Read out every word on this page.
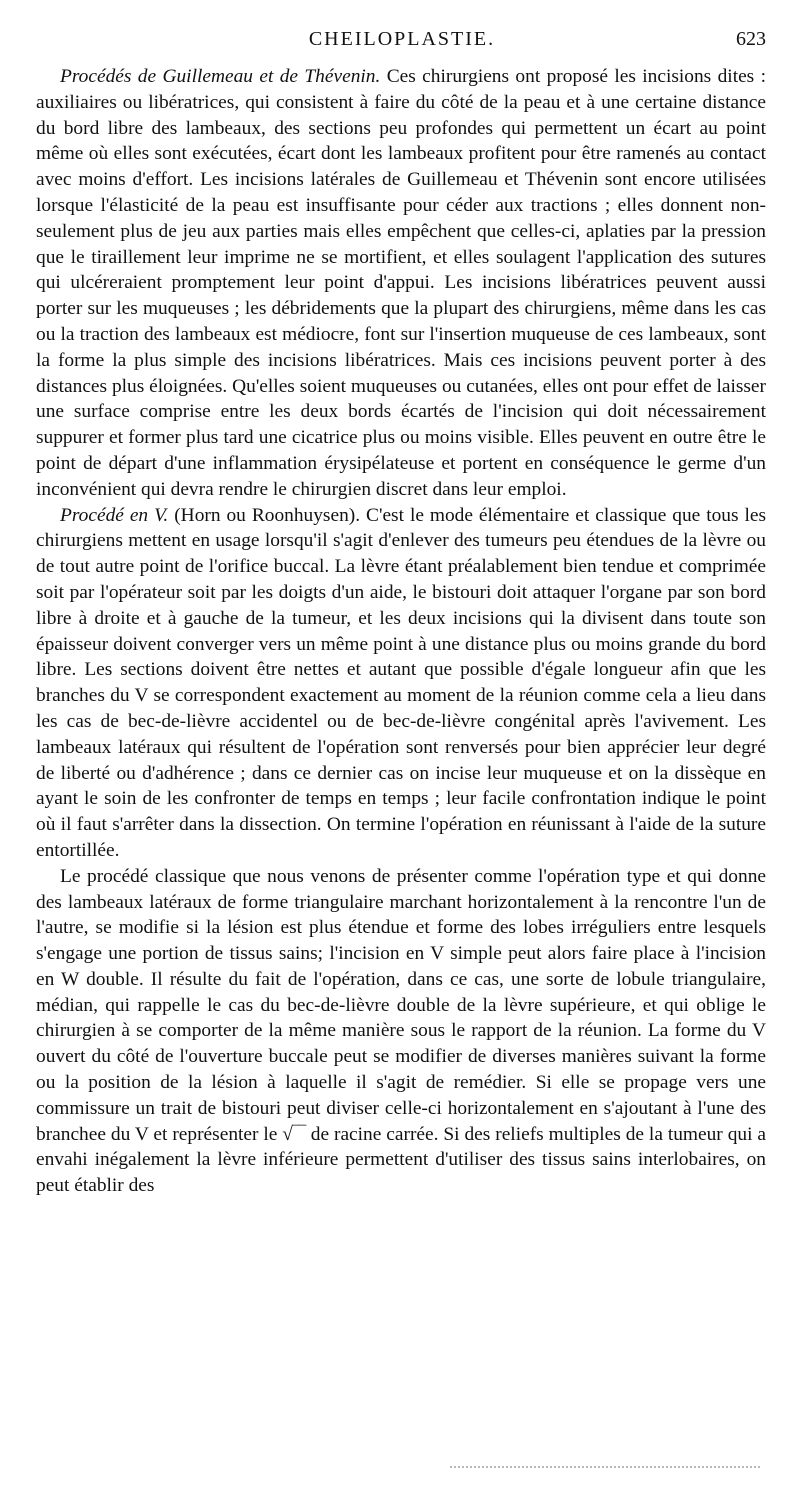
CHEILOPLASTIE.	623

Procédés de Guillemeau et de Thévenin. Ces chirurgiens ont proposé les incisions dites : auxiliaires ou libératrices, qui consistent à faire du côté de la peau et à une certaine distance du bord libre des lambeaux, des sections peu profondes qui permettent un écart au point même où elles sont exécutées, écart dont les lambeaux profitent pour être ramenés au contact avec moins d'effort. Les incisions latérales de Guillemeau et Thévenin sont encore utilisées lorsque l'élasticité de la peau est insuffisante pour céder aux tractions ; elles donnent non-seulement plus de jeu aux parties mais elles empêchent que celles-ci, aplaties par la pression que le tiraillement leur imprime ne se mortifient, et elles soulagent l'application des sutures qui ulcéreraient promptement leur point d'appui. Les incisions libératrices peuvent aussi porter sur les muqueuses ; les débridements que la plupart des chirurgiens, même dans les cas ou la traction des lambeaux est médiocre, font sur l'insertion muqueuse de ces lambeaux, sont la forme la plus simple des incisions libératrices. Mais ces incisions peuvent porter à des distances plus éloignées. Qu'elles soient muqueuses ou cutanées, elles ont pour effet de laisser une surface comprise entre les deux bords écartés de l'incision qui doit nécessairement suppurer et former plus tard une cicatrice plus ou moins visible. Elles peuvent en outre être le point de départ d'une inflammation érysipélateuse et portent en conséquence le germe d'un inconvénient qui devra rendre le chirurgien discret dans leur emploi.

Procédé en V. (Horn ou Roonhuysen). C'est le mode élémentaire et classique que tous les chirurgiens mettent en usage lorsqu'il s'agit d'enlever des tumeurs peu étendues de la lèvre ou de tout autre point de l'orifice buccal. La lèvre étant préalablement bien tendue et comprimée soit par l'opérateur soit par les doigts d'un aide, le bistouri doit attaquer l'organe par son bord libre à droite et à gauche de la tumeur, et les deux incisions qui la divisent dans toute son épaisseur doivent converger vers un même point à une distance plus ou moins grande du bord libre. Les sections doivent être nettes et autant que possible d'égale longueur afin que les branches du V se correspondent exactement au moment de la réunion comme cela a lieu dans les cas de bec-de-lièvre accidentel ou de bec-de-lièvre congénital après l'avivement. Les lambeaux latéraux qui résultent de l'opération sont renversés pour bien apprécier leur degré de liberté ou d'adhérence ; dans ce dernier cas on incise leur muqueuse et on la dissèque en ayant le soin de les confronter de temps en temps ; leur facile confrontation indique le point où il faut s'arrêter dans la dissection. On termine l'opération en réunissant à l'aide de la suture entortillée.

Le procédé classique que nous venons de présenter comme l'opération type et qui donne des lambeaux latéraux de forme triangulaire marchant horizontalement à la rencontre l'un de l'autre, se modifie si la lésion est plus étendue et forme des lobes irréguliers entre lesquels s'engage une portion de tissus sains; l'incision en V simple peut alors faire place à l'incision en W double. Il résulte du fait de l'opération, dans ce cas, une sorte de lobule triangulaire, médian, qui rappelle le cas du bec-de-lièvre double de la lèvre supérieure, et qui oblige le chirurgien à se comporter de la même manière sous le rapport de la réunion. La forme du V ouvert du côté de l'ouverture buccale peut se modifier de diverses manières suivant la forme ou la position de la lésion à laquelle il s'agit de remédier. Si elle se propage vers une commissure un trait de bistouri peut diviser celle-ci horizontalement en s'ajoutant à l'une des branchee du V et représenter le √‾‾ de racine carrée. Si des reliefs multiples de la tumeur qui a envahi inégalement la lèvre inférieure permettent d'utiliser des tissus sains interlobaires, on peut établir des
